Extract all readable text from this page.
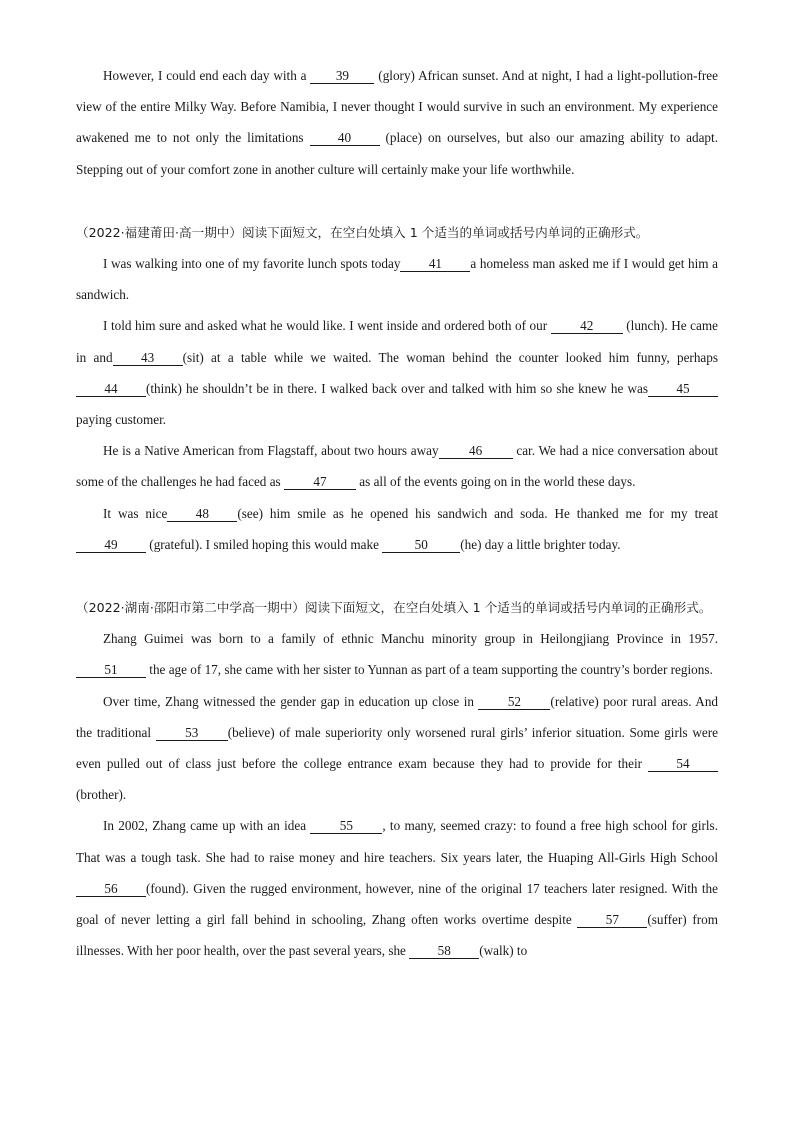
However, I could end each day with a 39 (glory) African sunset. And at night, I had a light-pollution-free view of the entire Milky Way. Before Namibia, I never thought I would survive in such an environment. My experience awakened me to not only the limitations 40 (place) on ourselves, but also our amazing ability to adapt. Stepping out of your comfort zone in another culture will certainly make your life worthwhile.

（2022·福建莆田·高一期中）阅读下面短文，在空白处填入 1 个适当的单词或括号内单词的正确形式。

I was walking into one of my favorite lunch spots today 41 a homeless man asked me if I would get him a sandwich.

I told him sure and asked what he would like. I went inside and ordered both of our 42 (lunch). He came in and 43 (sit) at a table while we waited. The woman behind the counter looked him funny, perhaps44 (think) he shouldn’t be in there. I walked back over and talked with him so she knew he was 45 paying customer.

He is a Native American from Flagstaff, about two hours away 46 car. We had a nice conversation about some of the challenges he had faced as 47 as all of the events going on in the world these days.

It was nice 48 (see) him smile as he opened his sandwich and soda. He thanked me for my treat 49 (grateful). I smiled hoping this would make 50 (he) day a little brighter today.

（2022·湖南·邵阳市第二中学高一期中）阅读下面短文，在空白处填入 1 个适当的单词或括号内单词的正确形式。

Zhang Guimei was born to a family of ethnic Manchu minority group in Heilongjiang Province in 1957. 51 the age of 17, she came with her sister to Yunnan as part of a team supporting the country’s border regions.

Over time, Zhang witnessed the gender gap in education up close in 52 (relative) poor rural areas. And the traditional 53 (believe) of male superiority only worsened rural girls’ inferior situation. Some girls were even pulled out of class just before the college entrance exam because they had to provide for their 54(brother).

In 2002, Zhang came up with an idea 55 , to many, seemed crazy: to found a free high school for girls. That was a tough task. She had to raise money and hire teachers. Six years later, the Huaping All-Girls High School 56 (found). Given the rugged environment, however, nine of the original 17 teachers later resigned. With the goal of never letting a girl fall behind in schooling, Zhang often works overtime despite 57 (suffer) from illnesses. With her poor health, over the past several years, she 58 (walk) to
